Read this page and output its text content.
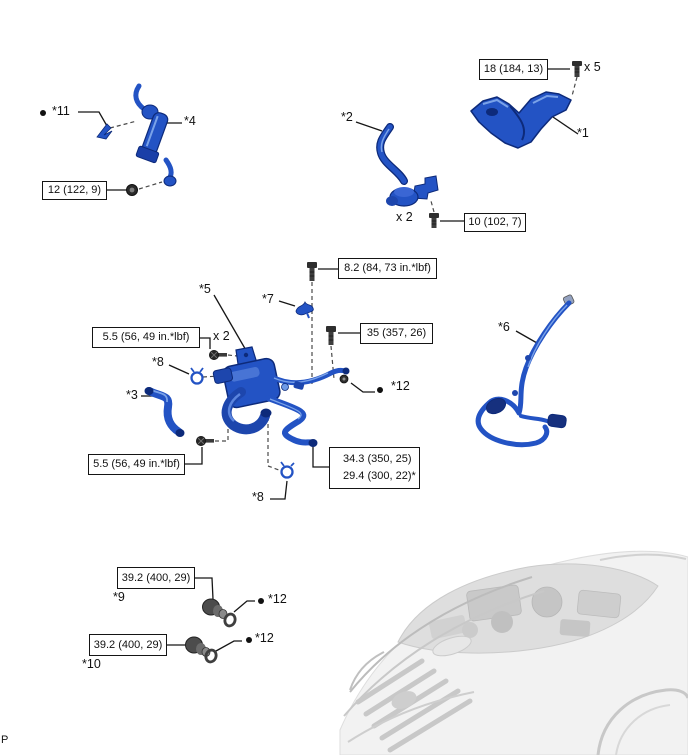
18 (184, 13)
12 (122, 9)
10 (102, 7)
8.2 (84, 73 in.*lbf)
35 (357, 26)
5.5 (56, 49 in.*lbf)
34.3 (350, 25)
29.4 (300, 22)*
5.5 (56, 49 in.*lbf)
39.2 (400, 29)
39.2 (400, 29)
*1
*2
*3
*4
*5
*6
*7
*8
*8
*9
*10
*11
*12
*12
*12
x 5
x 2
x 2
P
